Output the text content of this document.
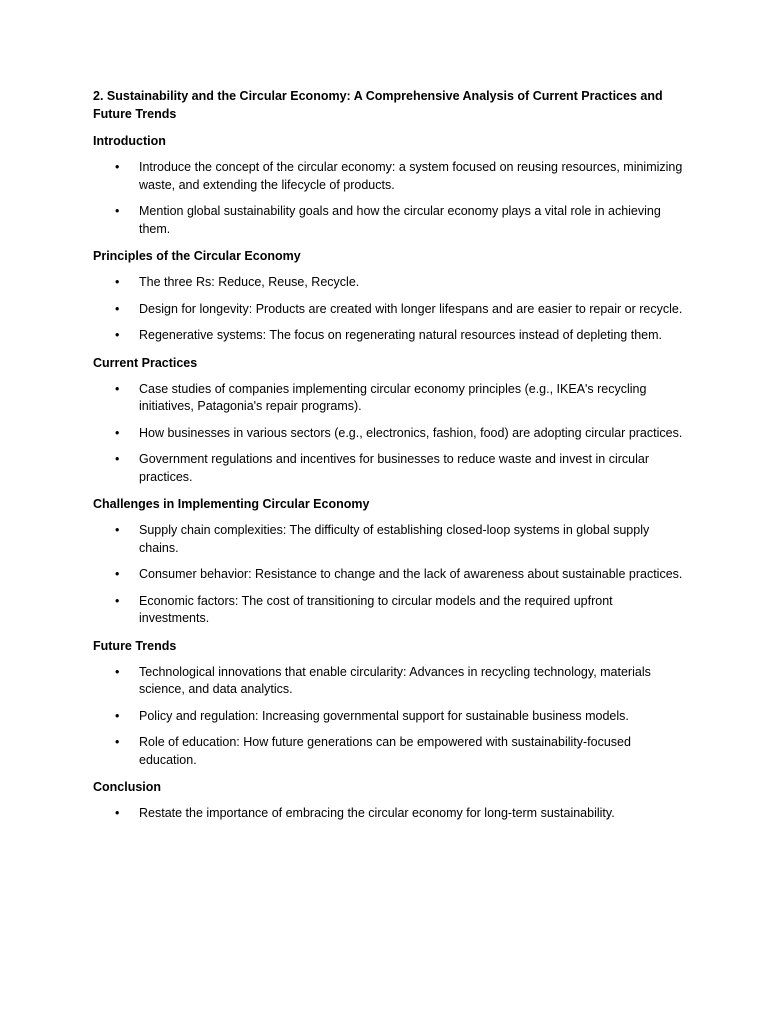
2. Sustainability and the Circular Economy: A Comprehensive Analysis of Current Practices and Future Trends
Introduction
• Introduce the concept of the circular economy: a system focused on reusing resources, minimizing waste, and extending the lifecycle of products.
• Mention global sustainability goals and how the circular economy plays a vital role in achieving them.
Principles of the Circular Economy
• The three Rs: Reduce, Reuse, Recycle.
• Design for longevity: Products are created with longer lifespans and are easier to repair or recycle.
• Regenerative systems: The focus on regenerating natural resources instead of depleting them.
Current Practices
• Case studies of companies implementing circular economy principles (e.g., IKEA's recycling initiatives, Patagonia's repair programs).
• How businesses in various sectors (e.g., electronics, fashion, food) are adopting circular practices.
• Government regulations and incentives for businesses to reduce waste and invest in circular practices.
Challenges in Implementing Circular Economy
• Supply chain complexities: The difficulty of establishing closed-loop systems in global supply chains.
• Consumer behavior: Resistance to change and the lack of awareness about sustainable practices.
• Economic factors: The cost of transitioning to circular models and the required upfront investments.
Future Trends
• Technological innovations that enable circularity: Advances in recycling technology, materials science, and data analytics.
• Policy and regulation: Increasing governmental support for sustainable business models.
• Role of education: How future generations can be empowered with sustainability-focused education.
Conclusion
• Restate the importance of embracing the circular economy for long-term sustainability.
